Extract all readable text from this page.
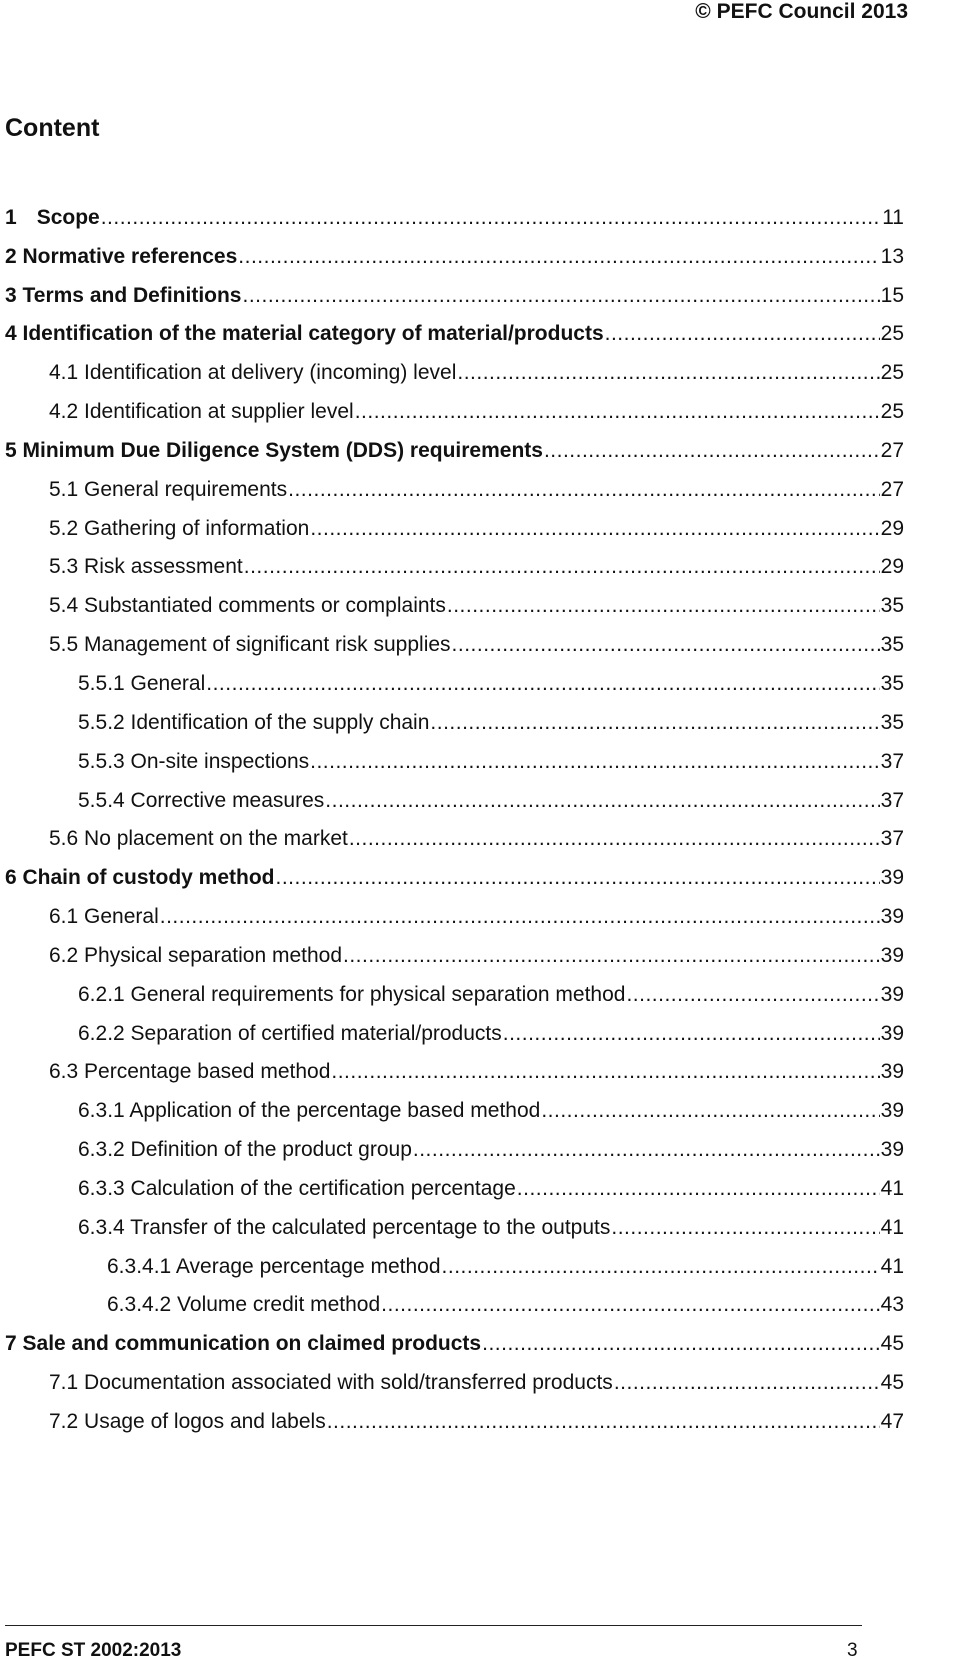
© PEFC Council 2013
Content
1 Scope .....	11
2 Normative references .....	13
3 Terms and Definitions .....	15
4 Identification of the material category of material/products .....	25
4.1 Identification at delivery (incoming) level .....	25
4.2 Identification at supplier level .....	25
5 Minimum Due Diligence System (DDS) requirements .....	27
5.1 General requirements .....	27
5.2 Gathering of information .....	29
5.3 Risk assessment .....	29
5.4 Substantiated comments or complaints .....	35
5.5 Management of significant risk supplies .....	35
5.5.1 General .....	35
5.5.2 Identification of the supply chain .....	35
5.5.3 On-site inspections .....	37
5.5.4 Corrective measures .....	37
5.6 No placement on the market .....	37
6 Chain of custody method .....	39
6.1 General .....	39
6.2 Physical separation method .....	39
6.2.1 General requirements for physical separation method .....	39
6.2.2 Separation of certified material/products .....	39
6.3 Percentage based method .....	39
6.3.1 Application of the percentage based method .....	39
6.3.2 Definition of the product group .....	39
6.3.3 Calculation of the certification percentage .....	41
6.3.4 Transfer of the calculated percentage to the outputs .....	41
6.3.4.1 Average percentage method .....	41
6.3.4.2 Volume credit method .....	43
7 Sale and communication on claimed products .....	45
7.1 Documentation associated with sold/transferred products .....	45
7.2 Usage of logos and labels .....	47
PEFC ST 2002:2013	3
